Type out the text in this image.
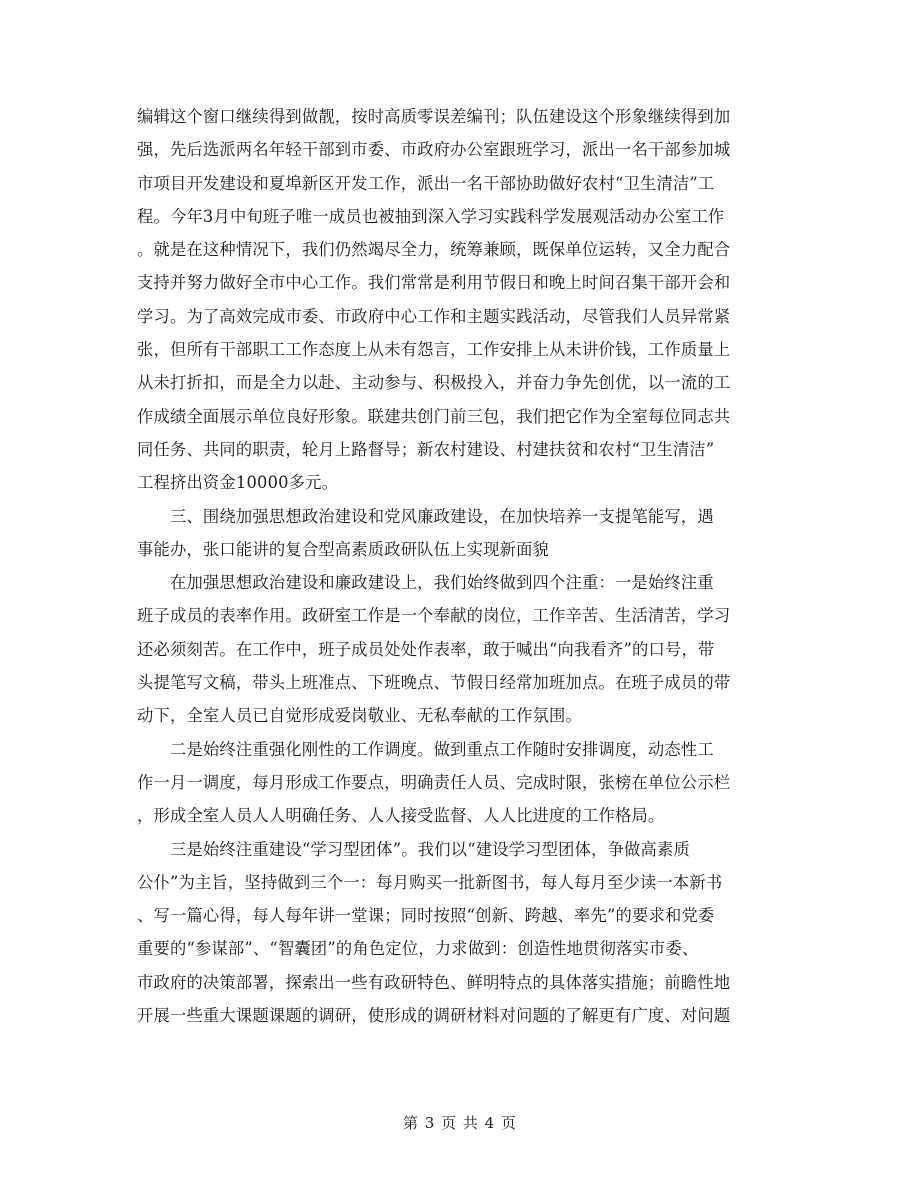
编辑这个窗口继续得到做靓，按时高质零误差编刊；队伍建设这个形象继续得到加
强，先后选派两名年轻干部到市委、市政府办公室跟班学习，派出一名干部参加城
市项目开发建设和夏埠新区开发工作，派出一名干部协助做好农村“卫生清洁”工
程。今年3月中旬班子唯一成员也被抽到深入学习实践科学发展观活动办公室工作
。就是在这种情况下，我们仍然竭尽全力，统筹兼顾，既保单位运转，又全力配合
支持并努力做好全市中心工作。我们常常是利用节假日和晚上时间召集干部开会和
学习。为了高效完成市委、市政府中心工作和主题实践活动，尽管我们人员异常紧
张，但所有干部职工工作态度上从未有怨言，工作安排上从未讲价钱，工作质量上
从未打折扣，而是全力以赴、主动参与、积极投入，并奋力争先创优，以一流的工
作成绩全面展示单位良好形象。联建共创门前三包，我们把它作为全室每位同志共
同任务、共同的职责，轮月上路督导；新农村建设、村建扶贫和农村“卫生清洁”
工程挤出资金10000多元。
　　三、围绕加强思想政治建设和党风廉政建设，在加快培养一支提笔能写，遇
事能办，张口能讲的复合型高素质政研队伍上实现新面貌
　　在加强思想政治建设和廉政建设上，我们始终做到四个注重：一是始终注重
班子成员的表率作用。政研室工作是一个奉献的岗位，工作辛苦、生活清苦，学习
还必须刻苦。在工作中，班子成员处处作表率，敢于喊出“向我看齐”的口号，带
头提笔写文稿，带头上班准点、下班晚点、节假日经常加班加点。在班子成员的带
动下，全室人员已自觉形成爱岗敬业、无私奉献的工作氛围。
　　二是始终注重强化刚性的工作调度。做到重点工作随时安排调度，动态性工
作一月一调度，每月形成工作要点，明确责任人员、完成时限，张榜在单位公示栏
，形成全室人员人人明确任务、人人接受监督、人人比进度的工作格局。
　　三是始终注重建设“学习型团体”。我们以“建设学习型团体，争做高素质
公仆”为主旨，坚持做到三个一：每月购买一批新图书，每人每月至少读一本新书
、写一篇心得，每人每年讲一堂课；同时按照“创新、跨越、率先”的要求和党委
重要的“参谋部”、“智囊团”的角色定位，力求做到：创造性地贯彻落实市委、
市政府的决策部署，探索出一些有政研特色、鲜明特点的具体落实措施；前瞻性地
开展一些重大课题课题的调研，使形成的调研材料对问题的了解更有广度、对问题
第 3 页 共 4 页
